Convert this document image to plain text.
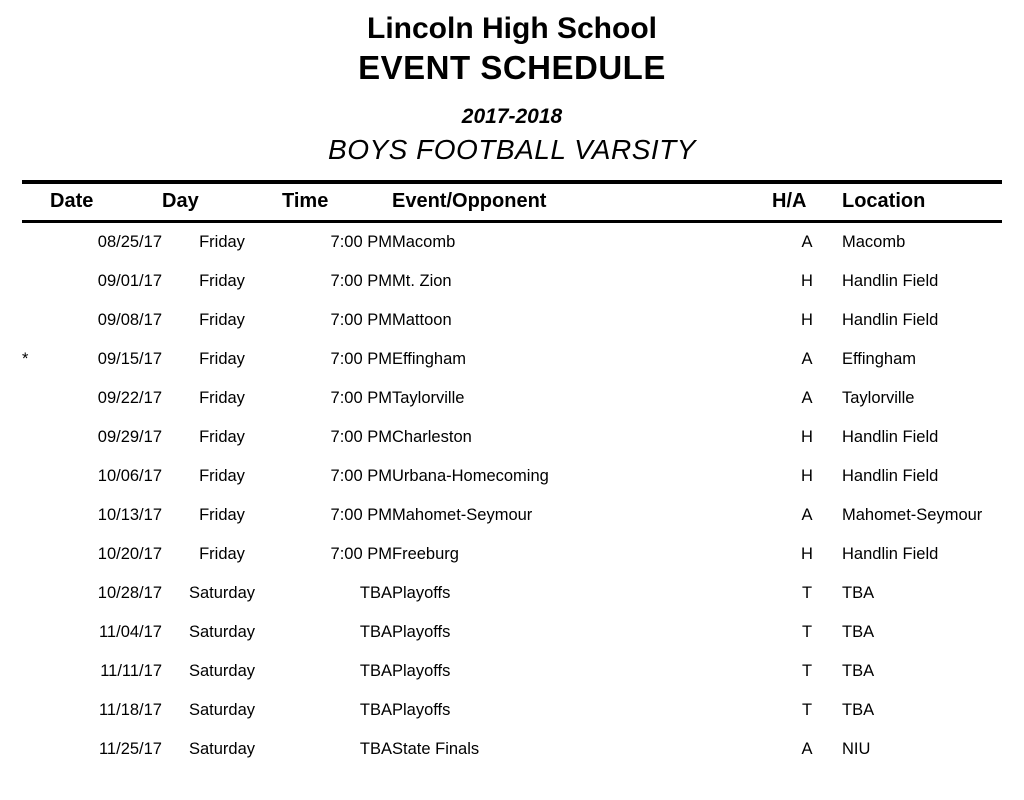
Lincoln High School
EVENT SCHEDULE
2017-2018
BOYS FOOTBALL VARSITY
	Date	Day	Time	Event/Opponent	H/A	Location
	08/25/17	Friday	7:00 PM	Macomb	A	Macomb
	09/01/17	Friday	7:00 PM	Mt. Zion	H	Handlin Field
	09/08/17	Friday	7:00 PM	Mattoon	H	Handlin Field
*	09/15/17	Friday	7:00 PM	Effingham	A	Effingham
	09/22/17	Friday	7:00 PM	Taylorville	A	Taylorville
	09/29/17	Friday	7:00 PM	Charleston	H	Handlin Field
	10/06/17	Friday	7:00 PM	Urbana-Homecoming	H	Handlin Field
	10/13/17	Friday	7:00 PM	Mahomet-Seymour	A	Mahomet-Seymour
	10/20/17	Friday	7:00 PM	Freeburg	H	Handlin Field
	10/28/17	Saturday	TBA	Playoffs	T	TBA
	11/04/17	Saturday	TBA	Playoffs	T	TBA
	11/11/17	Saturday	TBA	Playoffs	T	TBA
	11/18/17	Saturday	TBA	Playoffs	T	TBA
	11/25/17	Saturday	TBA	State Finals	A	NIU
